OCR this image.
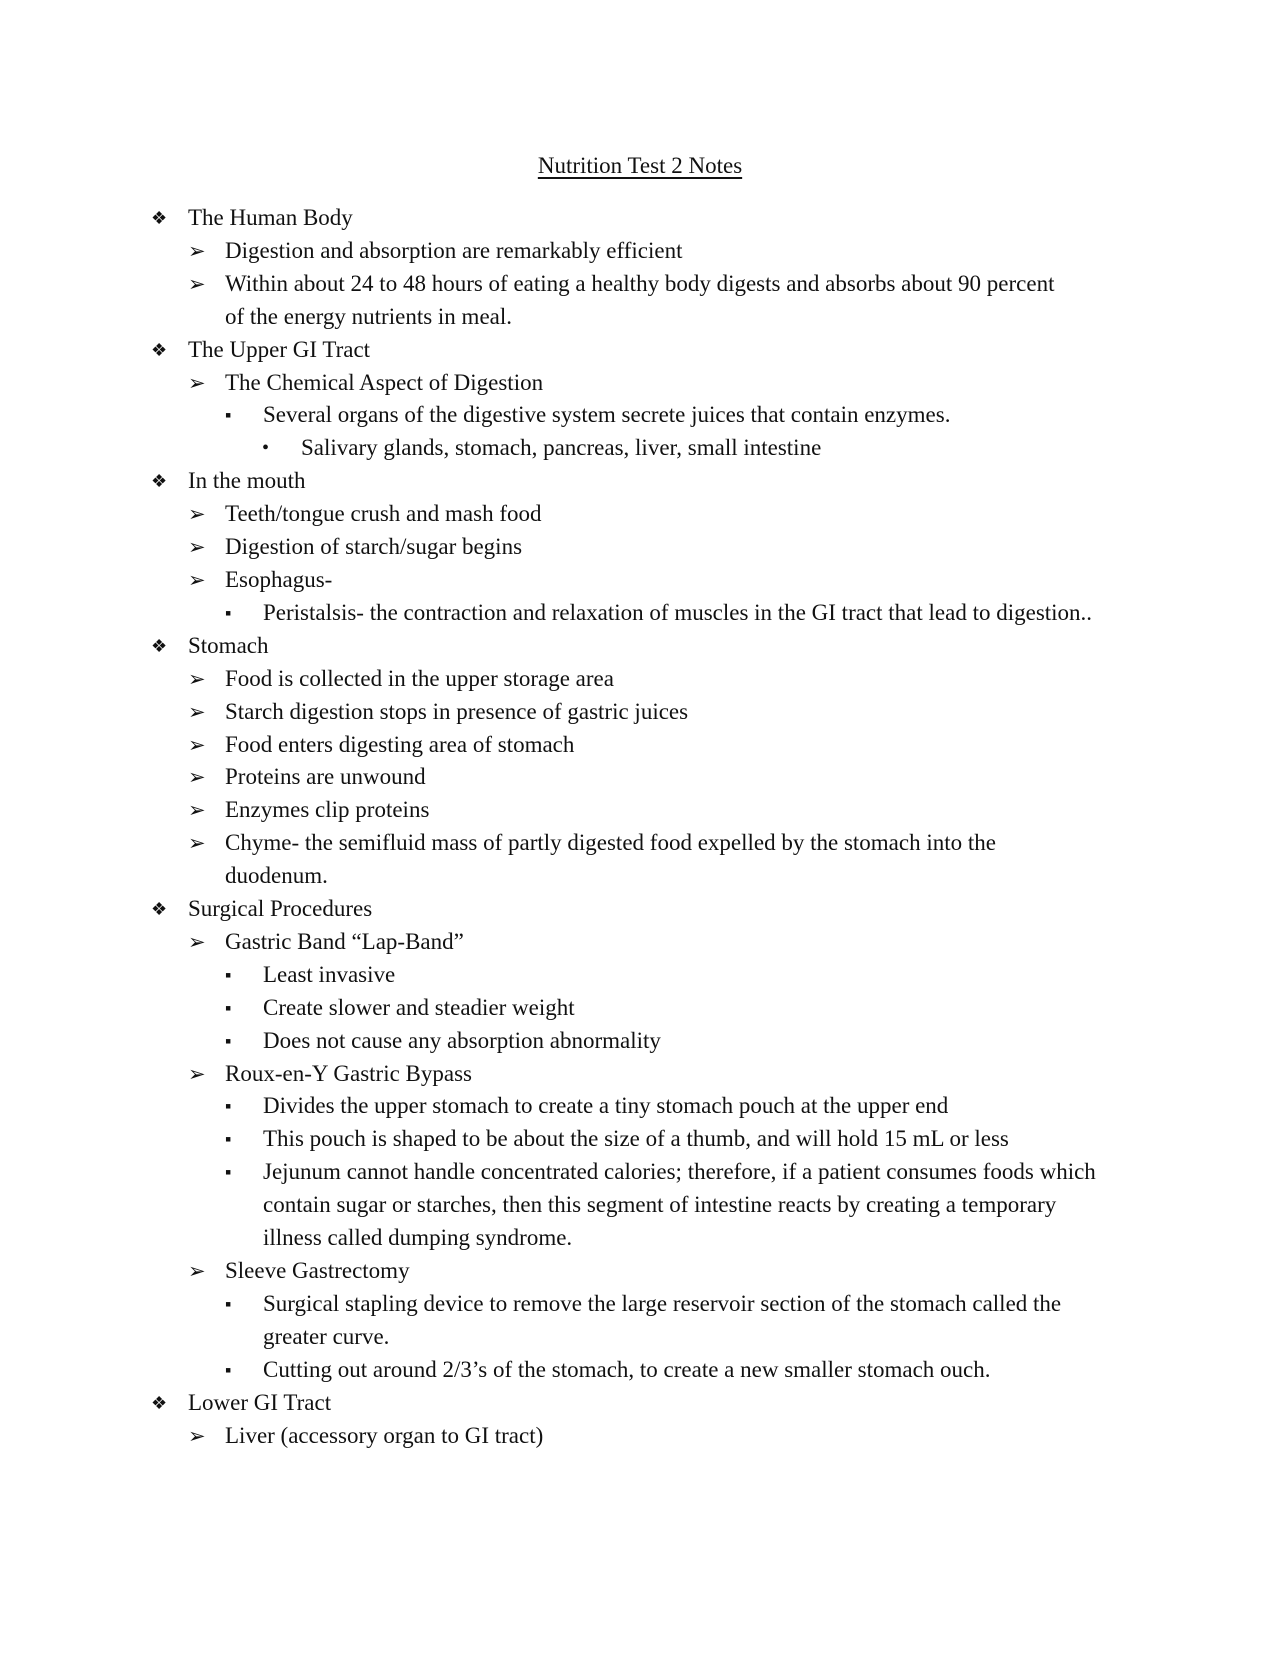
Nutrition Test 2 Notes
❖ The Human Body
➢ Digestion and absorption are remarkably efficient
➢ Within about 24 to 48 hours of eating a healthy body digests and absorbs about 90 percent of the energy nutrients in meal.
❖ The Upper GI Tract
➢ The Chemical Aspect of Digestion
▪ Several organs of the digestive system secrete juices that contain enzymes.
• Salivary glands, stomach, pancreas, liver, small intestine
❖ In the mouth
➢ Teeth/tongue crush and mash food
➢ Digestion of starch/sugar begins
➢ Esophagus-
▪ Peristalsis- the contraction and relaxation of muscles in the GI tract that lead to digestion..
❖ Stomach
➢ Food is collected in the upper storage area
➢ Starch digestion stops in presence of gastric juices
➢ Food enters digesting area of stomach
➢ Proteins are unwound
➢ Enzymes clip proteins
➢ Chyme- the semifluid mass of partly digested food expelled by the stomach into the duodenum.
❖ Surgical Procedures
➢ Gastric Band “Lap-Band”
▪ Least invasive
▪ Create slower and steadier weight
▪ Does not cause any absorption abnormality
➢ Roux-en-Y Gastric Bypass
▪ Divides the upper stomach to create a tiny stomach pouch at the upper end
▪ This pouch is shaped to be about the size of a thumb, and will hold 15 mL or less
▪ Jejunum cannot handle concentrated calories; therefore, if a patient consumes foods which contain sugar or starches, then this segment of intestine reacts by creating a temporary illness called dumping syndrome.
➢ Sleeve Gastrectomy
▪ Surgical stapling device to remove the large reservoir section of the stomach called the greater curve.
▪ Cutting out around 2/3’s of the stomach, to create a new smaller stomach ouch.
❖ Lower GI Tract
➢ Liver (accessory organ to GI tract)
